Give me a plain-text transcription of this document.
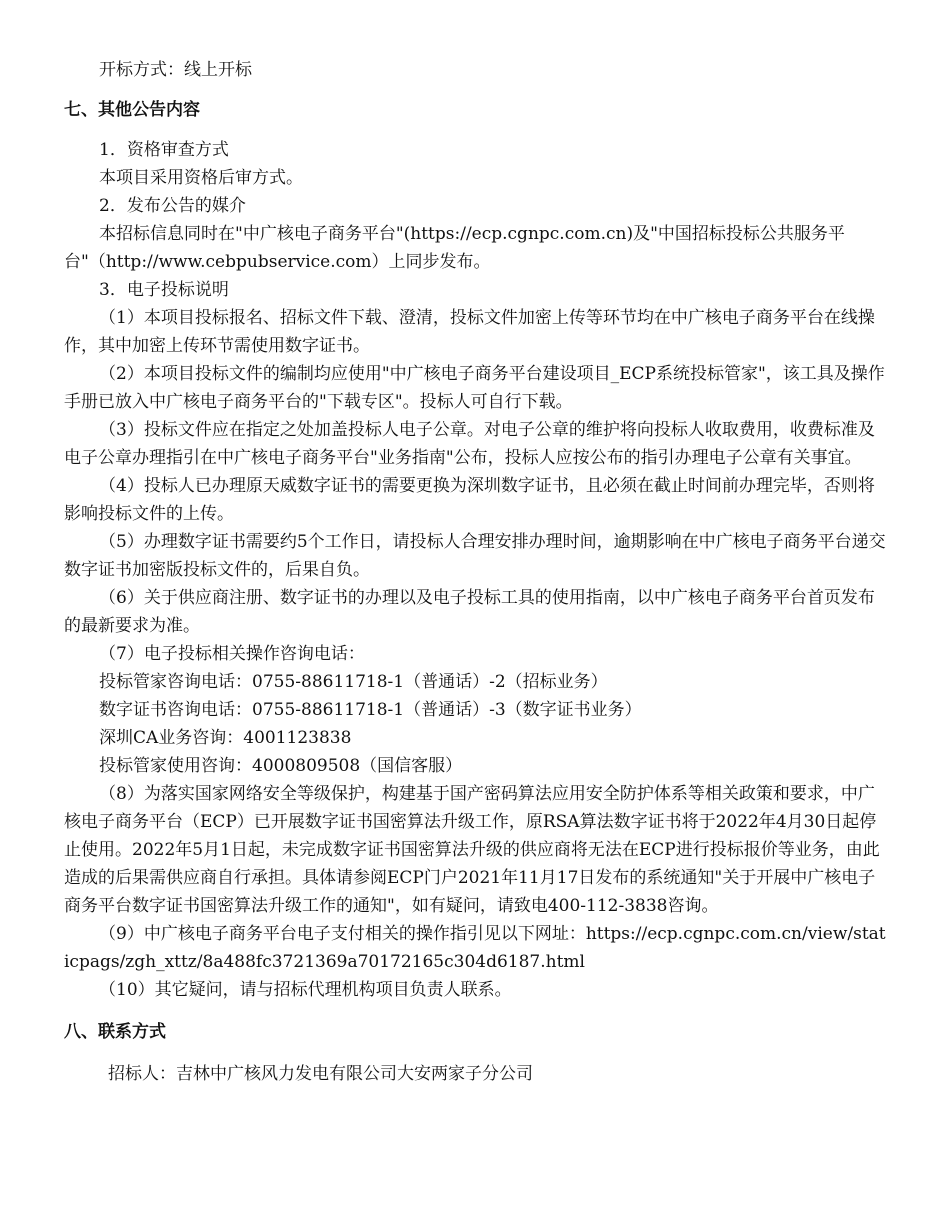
开标方式：线上开标

七、其他公告内容

1．资格审查方式

本项目采用资格后审方式。

2．发布公告的媒介

本招标信息同时在"中广核电子商务平台"(https://ecp.cgnpc.com.cn)及"中国招标投标公共服务平台"（http://www.cebpubservice.com）上同步发布。

3．电子投标说明

（1）本项目投标报名、招标文件下载、澄清，投标文件加密上传等环节均在中广核电子商务平台在线操作，其中加密上传环节需使用数字证书。

（2）本项目投标文件的编制均应使用"中广核电子商务平台建设项目_ECP系统投标管家"，该工具及操作手册已放入中广核电子商务平台的"下载专区"。投标人可自行下载。

（3）投标文件应在指定之处加盖投标人电子公章。对电子公章的维护将向投标人收取费用，收费标准及电子公章办理指引在中广核电子商务平台"业务指南"公布，投标人应按公布的指引办理电子公章有关事宜。

（4）投标人已办理原天威数字证书的需要更换为深圳数字证书，且必须在截止时间前办理完毕，否则将影响投标文件的上传。

（5）办理数字证书需要约5个工作日，请投标人合理安排办理时间，逾期影响在中广核电子商务平台递交数字证书加密版投标文件的，后果自负。

（6）关于供应商注册、数字证书的办理以及电子投标工具的使用指南，以中广核电子商务平台首页发布的最新要求为准。

（7）电子投标相关操作咨询电话：

投标管家咨询电话：0755-88611718-1（普通话）-2（招标业务）

数字证书咨询电话：0755-88611718-1（普通话）-3（数字证书业务）

深圳CA业务咨询：4001123838

投标管家使用咨询：4000809508（国信客服）

（8）为落实国家网络安全等级保护，构建基于国产密码算法应用安全防护体系等相关政策和要求，中广核电子商务平台（ECP）已开展数字证书国密算法升级工作，原RSA算法数字证书将于2022年4月30日起停止使用。2022年5月1日起，未完成数字证书国密算法升级的供应商将无法在ECP进行投标报价等业务，由此造成的后果需供应商自行承担。具体请参阅ECP门户2021年11月17日发布的系统通知"关于开展中广核电子商务平台数字证书国密算法升级工作的通知"，如有疑问，请致电400-112-3838咨询。

（9）中广核电子商务平台电子支付相关的操作指引见以下网址：https://ecp.cgnpc.com.cn/view/staticpags/zgh_xttz/8a488fc3721369a70172165c304d6187.html

（10）其它疑问，请与招标代理机构项目负责人联系。

八、联系方式

招标人：吉林中广核风力发电有限公司大安两家子分公司
